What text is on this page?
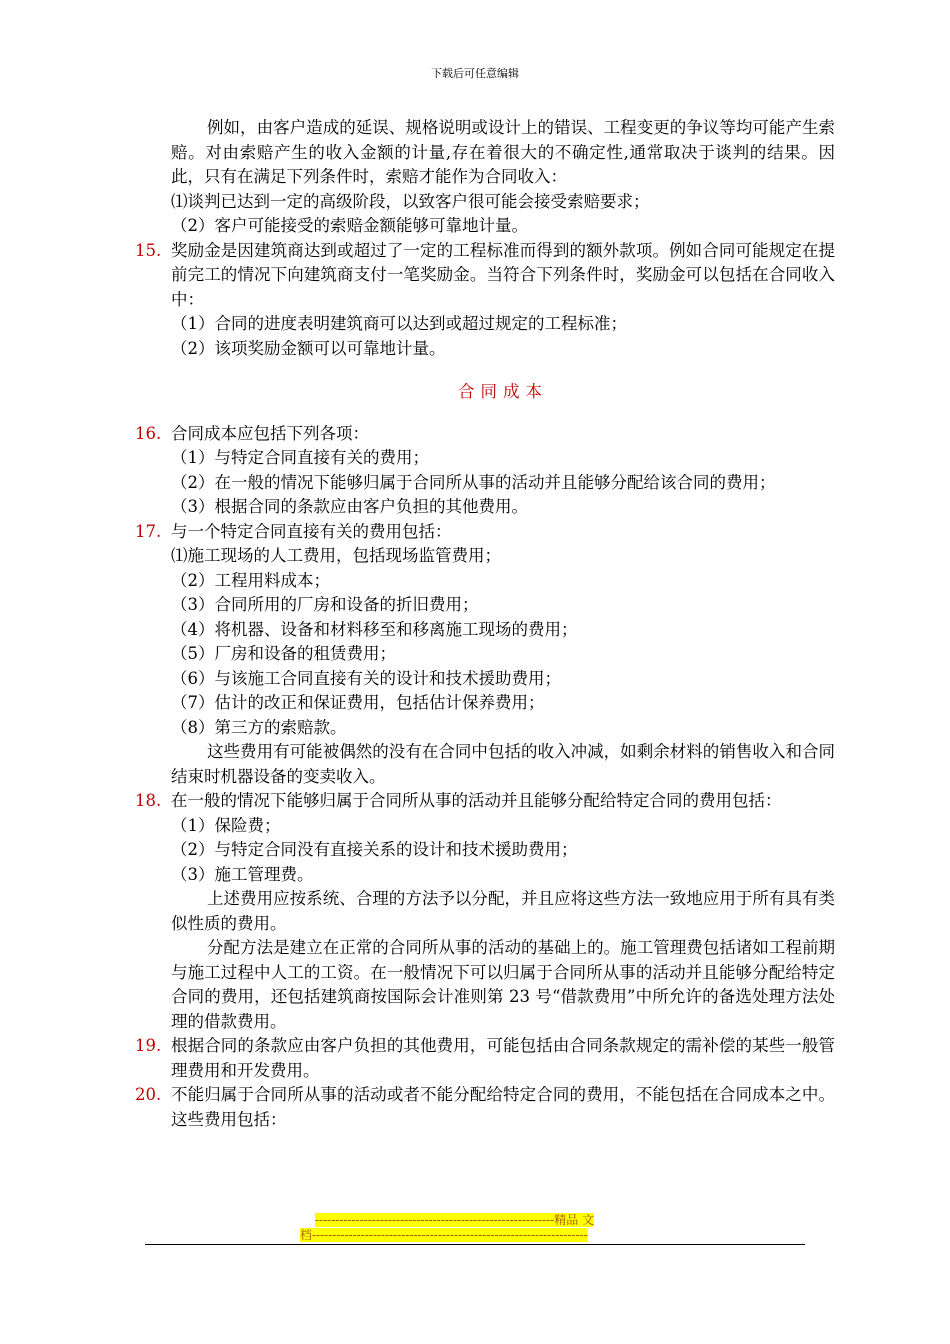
下载后可任意编辑

例如，由客户造成的延误、规格说明或设计上的错误、工程变更的争议等均可能产生索赔。对由索赔产生的收入金额的计量,存在着很大的不确定性,通常取决于谈判的结果。因此，只有在满足下列条件时，索赔才能作为合同收入：

⑴谈判已达到一定的高级阶段，以致客户很可能会接受索赔要求；

（2）客户可能接受的索赔金额能够可靠地计量。

15. 奖励金是因建筑商达到或超过了一定的工程标准而得到的额外款项。例如合同可能规定在提前完工的情况下向建筑商支付一笔奖励金。当符合下列条件时，奖励金可以包括在合同收入中：

（1）合同的进度表明建筑商可以达到或超过规定的工程标准；

（2）该项奖励金额可以可靠地计量。

合同成本

16. 合同成本应包括下列各项：

（1）与特定合同直接有关的费用；

（2）在一般的情况下能够归属于合同所从事的活动并且能够分配给该合同的费用；

（3）根据合同的条款应由客户负担的其他费用。

17. 与一个特定合同直接有关的费用包括：

⑴施工现场的人工费用，包括现场监管费用；

（2）工程用料成本；

（3）合同所用的厂房和设备的折旧费用；

（4）将机器、设备和材料移至和移离施工现场的费用；

（5）厂房和设备的租赁费用；

（6）与该施工合同直接有关的设计和技术援助费用；

（7）估计的改正和保证费用，包括估计保养费用；

（8）第三方的索赔款。

这些费用有可能被偶然的没有在合同中包括的收入冲减，如剩余材料的销售收入和合同结束时机器设备的变卖收入。

18. 在一般的情况下能够归属于合同所从事的活动并且能够分配给特定合同的费用包括：

（1）保险费；

（2）与特定合同没有直接关系的设计和技术援助费用；

（3）施工管理费。

上述费用应按系统、合理的方法予以分配，并且应将这些方法一致地应用于所有具有类似性质的费用。

分配方法是建立在正常的合同所从事的活动的基础上的。施工管理费包括诸如工程前期与施工过程中人工的工资。在一般情况下可以归属于合同所从事的活动并且能够分配给特定合同的费用，还包括建筑商按国际会计准则第 23 号“借款费用”中所允许的备选处理方法处理的借款费用。

19. 根据合同的条款应由客户负担的其他费用，可能包括由合同条款规定的需补偿的某些一般管理费用和开发费用。

20. 不能归属于合同所从事的活动或者不能分配给特定合同的费用，不能包括在合同成本之中。这些费用包括：

-----------------------------------------------------------精品 文
档--------------------------------------------------------------------
